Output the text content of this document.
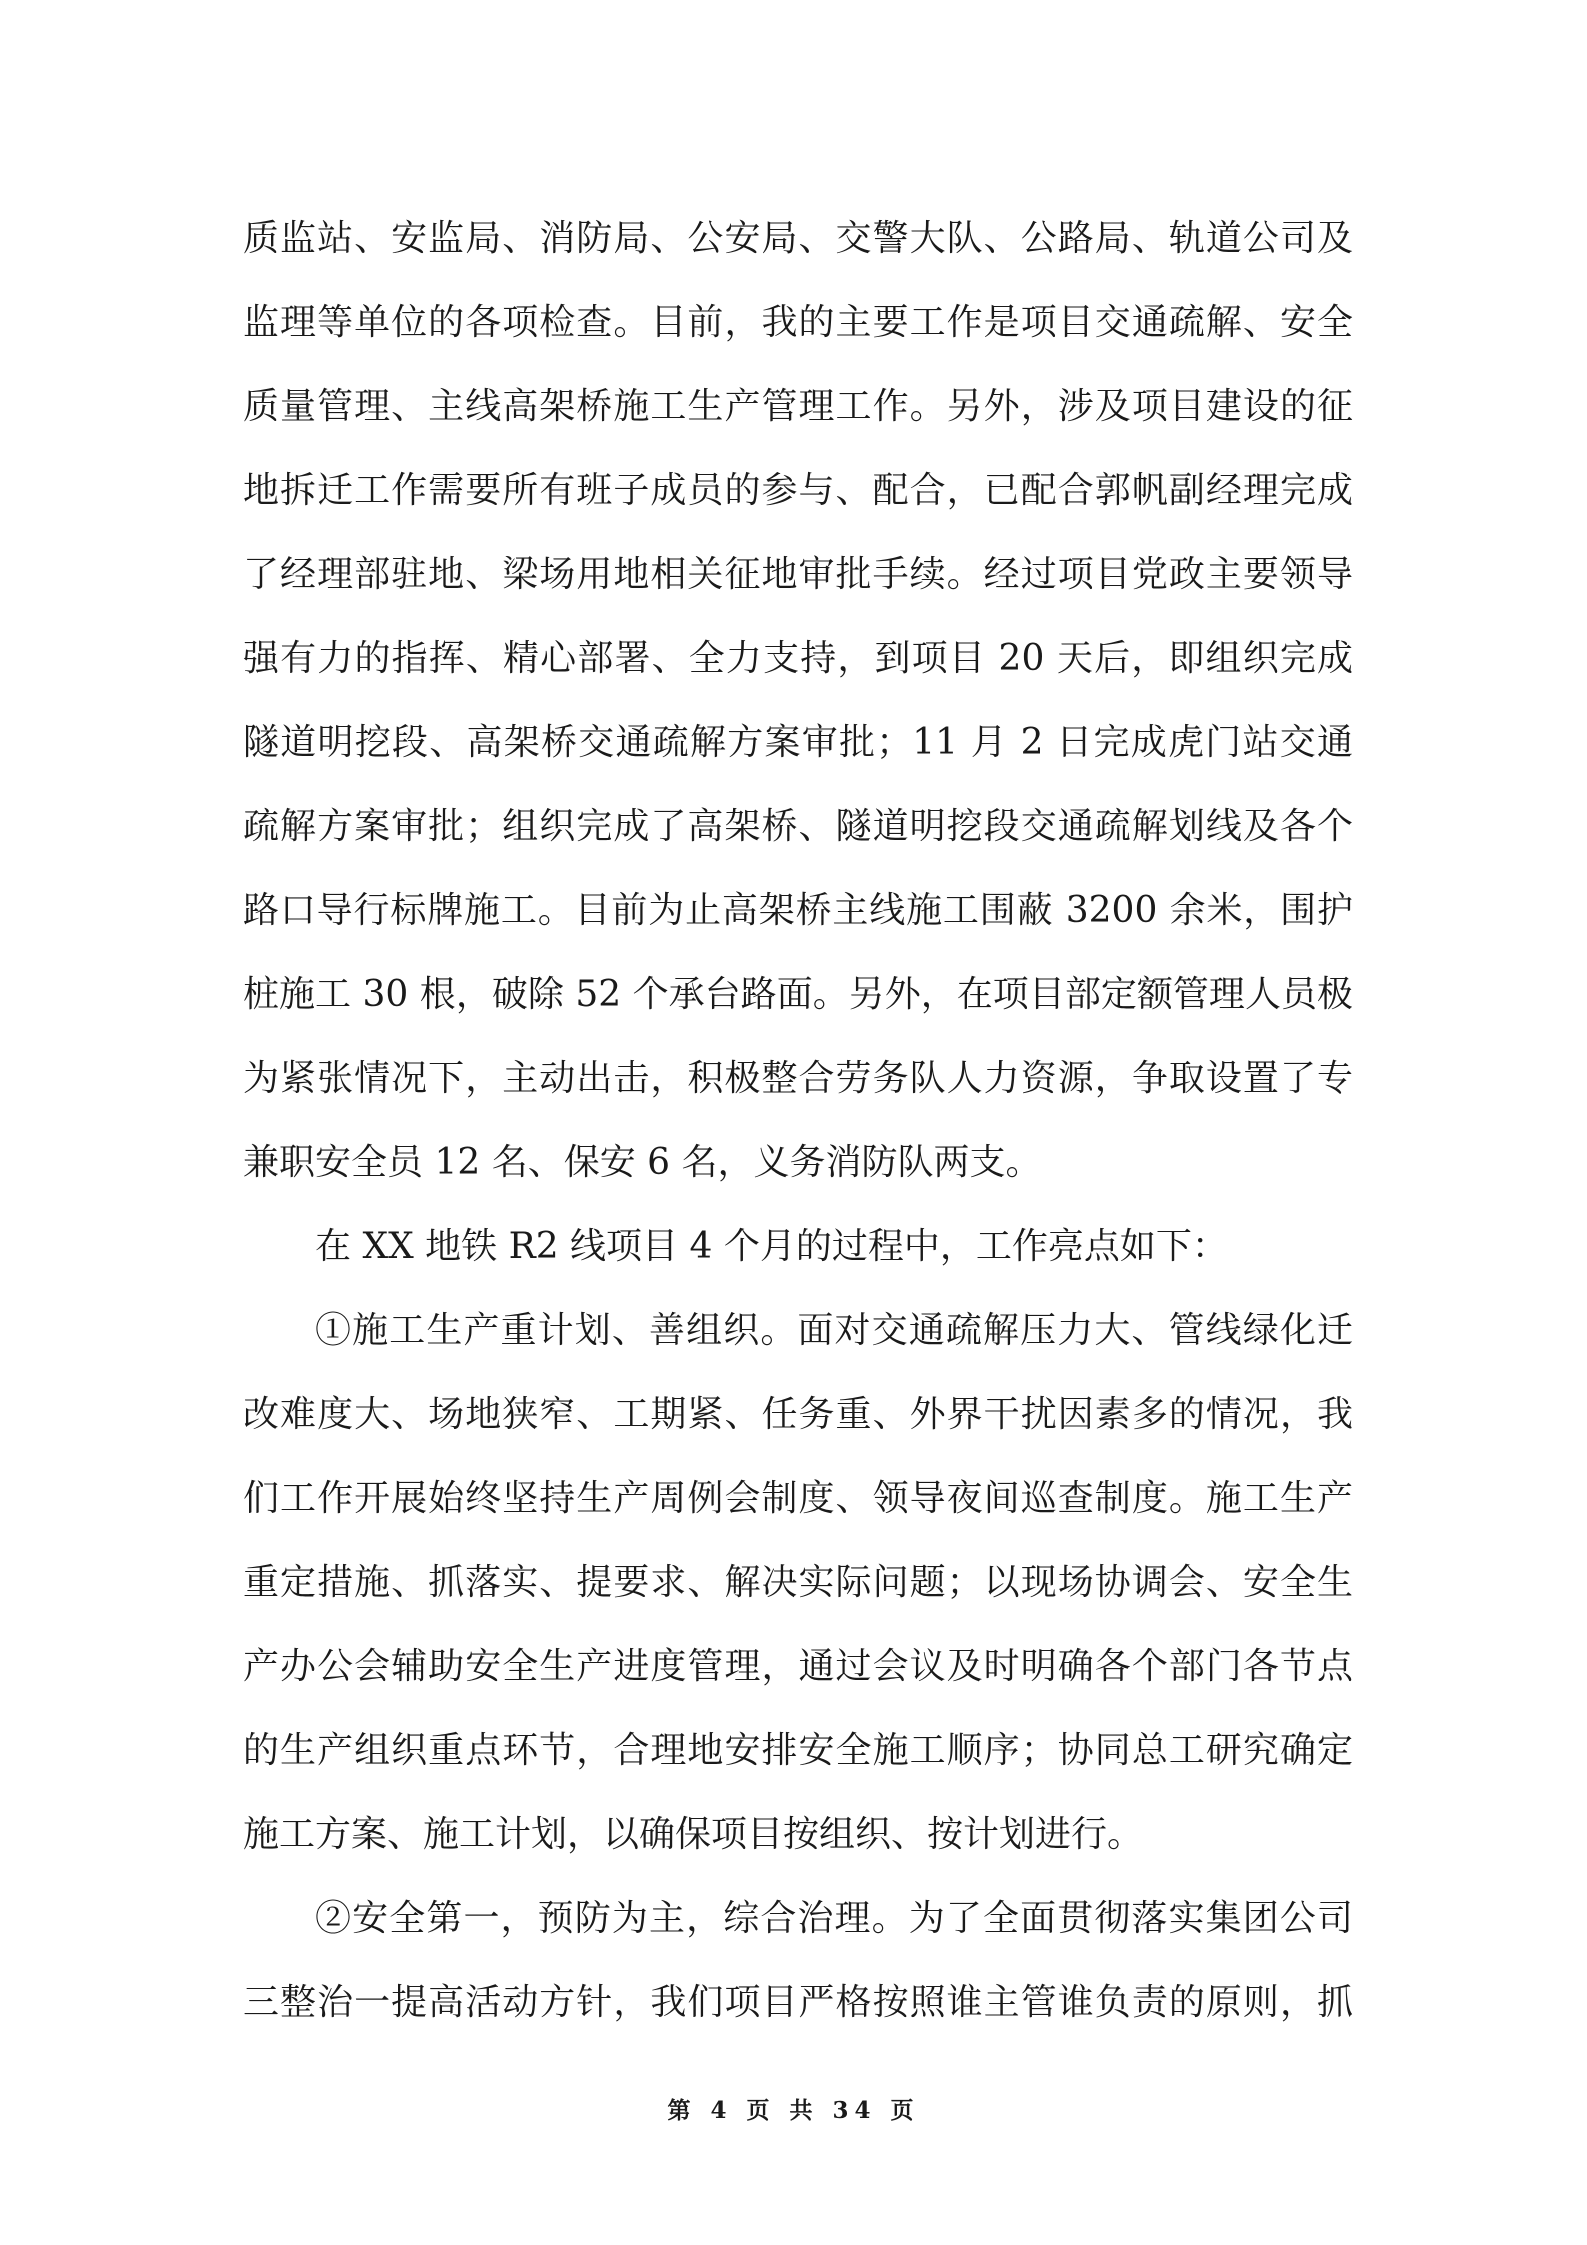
质监站、安监局、消防局、公安局、交警大队、公路局、轨道公司及
监理等单位的各项检查。目前，我的主要工作是项目交通疏解、安全
质量管理、主线高架桥施工生产管理工作。另外，涉及项目建设的征
地拆迁工作需要所有班子成员的参与、配合，已配合郭帆副经理完成
了经理部驻地、梁场用地相关征地审批手续。经过项目党政主要领导
强有力的指挥、精心部署、全力支持，到项目 20 天后，即组织完成
隧道明挖段、高架桥交通疏解方案审批；11 月 2 日完成虎门站交通
疏解方案审批；组织完成了高架桥、隧道明挖段交通疏解划线及各个
路口导行标牌施工。目前为止高架桥主线施工围蔽 3200 余米，围护
桩施工 30 根，破除 52 个承台路面。另外，在项目部定额管理人员极
为紧张情况下，主动出击，积极整合劳务队人力资源，争取设置了专
兼职安全员 12 名、保安 6 名，义务消防队两支。
在 XX 地铁 R2 线项目 4 个月的过程中，工作亮点如下：
①施工生产重计划、善组织。面对交通疏解压力大、管线绿化迁
改难度大、场地狭窄、工期紧、任务重、外界干扰因素多的情况，我
们工作开展始终坚持生产周例会制度、领导夜间巡查制度。施工生产
重定措施、抓落实、提要求、解决实际问题；以现场协调会、安全生
产办公会辅助安全生产进度管理，通过会议及时明确各个部门各节点
的生产组织重点环节，合理地安排安全施工顺序；协同总工研究确定
施工方案、施工计划，以确保项目按组织、按计划进行。
②安全第一，预防为主，综合治理。为了全面贯彻落实集团公司
三整治一提高活动方针，我们项目严格按照谁主管谁负责的原则，抓
第 4 页 共 34 页
